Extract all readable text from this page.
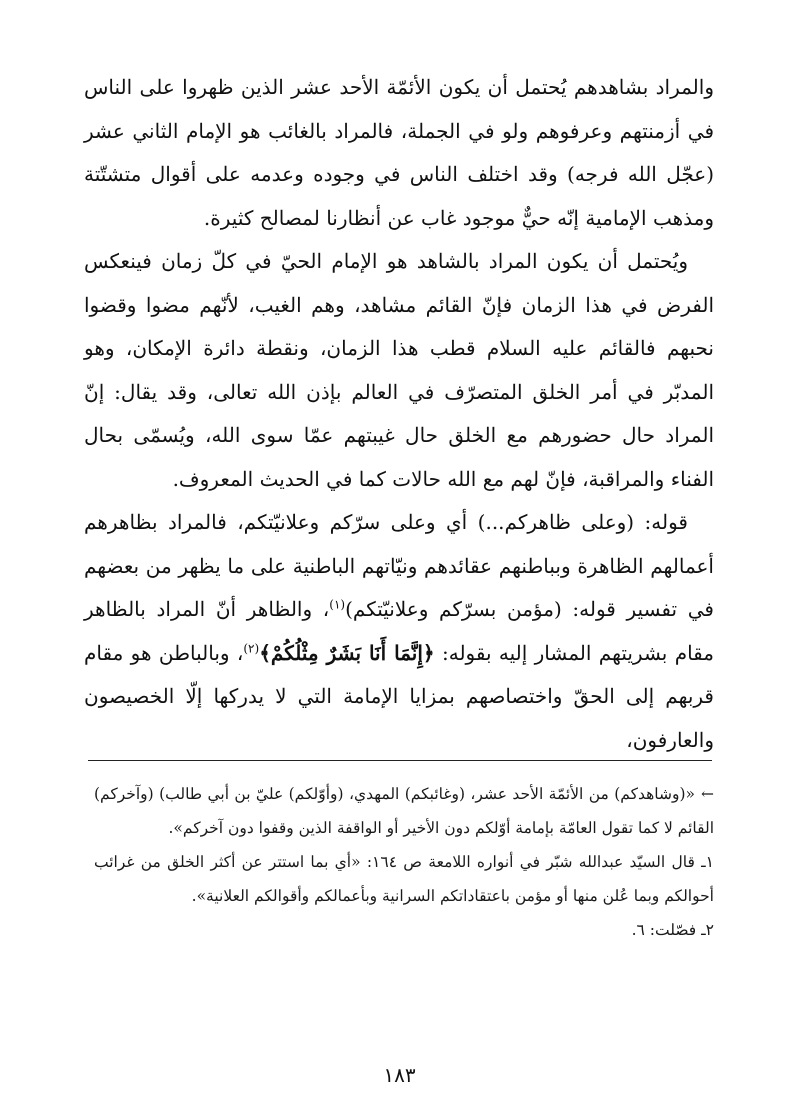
والمراد بشاهدهم يُحتمل أن يكون الأئمّة الأحد عشر الذين ظهروا على الناس في أزمنتهم وعرفوهم ولو في الجملة، فالمراد بالغائب هو الإمام الثاني عشر (عجّل الله فرجه) وقد اختلف الناس في وجوده وعدمه على أقوال متشتّتة ومذهب الإمامية إنّه حيٌّ موجود غاب عن أنظارنا لمصالح كثيرة.

ويُحتمل أن يكون المراد بالشاهد هو الإمام الحيّ في كلّ زمان فينعكس الفرض في هذا الزمان فإنّ القائم مشاهد، وهم الغيب، لأنّهم مضوا وقضوا نحبهم فالقائم عليه السلام قطب هذا الزمان، ونقطة دائرة الإمكان، وهو المدبّر في أمر الخلق المتصرّف في العالم بإذن الله تعالى، وقد يقال: إنّ المراد حال حضورهم مع الخلق حال غيبتهم عمّا سوى الله، ويُسمّى بحال الفناء والمراقبة، فإنّ لهم مع الله حالات كما في الحديث المعروف.

قوله: (وعلى ظاهركم...) أي وعلى سرّكم وعلانيّتكم، فالمراد بظاهرهم أعمالهم الظاهرة وبباطنهم عقائدهم ونيّاتهم الباطنية على ما يظهر من بعضهم في تفسير قوله: (مؤمن بسرّكم وعلانيّتكم)$^{(١)}$، والظاهر أنّ المراد بالظاهر مقام بشريتهم المشار إليه بقوله: ﴿إِنَّمَا أَنَا بَشَرٌ مِثْلُكُمْ﴾$^{(٢)}$، وبالباطن هو مقام قربهم إلى الحقّ واختصاصهم بمزايا الإمامة التي لا يدركها إلّا الخصيصون والعارفون،

←«(وشاهدكم) من الأئمّة الأحد عشر، (وغائبكم) المهدي، (وأوّلكم) عليّ بن أبي طالب) (وآخركم) القائم لا كما تقول العامّة بإمامة أوّلكم دون الأخير أو الواقفة الذين وقفوا دون آخركم».

١ـ قال السيّد عبدالله شبّر في أنواره اللامعة ص ١٦٤: «أي بما استتر عن أكثر الخلق من غرائب أحوالكم وبما عُلن منها أو مؤمن باعتقاداتكم السرانية وبأعمالكم وأقوالكم العلانية».

٢ـ فصّلت: ٦.

١٨٣
